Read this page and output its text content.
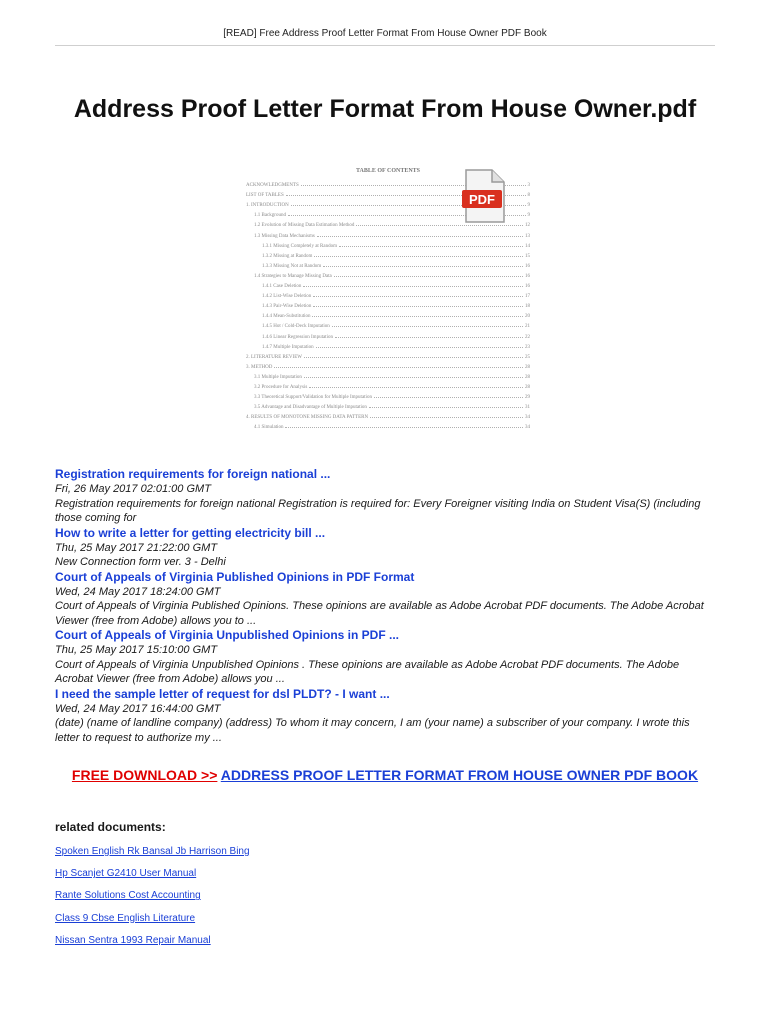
[READ] Free Address Proof Letter Format From House Owner PDF Book
Address Proof Letter Format From House Owner.pdf
TABLE OF CONTENTS
ACKNOWLEDGMENTS	3
LIST OF TABLES	8
1. INTRODUCTION	9
1.1 Background	9
1.2 Evolution of Missing Data Estimation Method	12
1.3 Missing Data Mechanisms	13
1.3.1 Missing Completely at Random	14
1.3.2 Missing at Random	15
1.3.3 Missing Not at Random	16
1.4 Strategies to Manage Missing Data	16
1.4.1 Case Deletion	16
1.4.2 List-Wise Deletion	17
1.4.3 Pair-Wise Deletion	18
1.4.4 Mean-Substitution	20
1.4.5 Hot / Cold-Deck Imputation	21
1.4.6 Linear Regression Imputation	22
1.4.7 Multiple Imputation	23
2. LITERATURE REVIEW	25
3. METHOD	28
3.1 Multiple Imputation	28
3.2 Procedure for Analysis	28
3.3 Theoretical Support/Validation for Multiple Imputation	29
3.5 Advantage and Disadvantage of Multiple Imputation	31
4. RESULTS OF MONOTONE MISSING DATA PATTERN	34
4.1 Simulation	34
PDF
Registration requirements for foreign national ...
Fri, 26 May 2017 02:01:00 GMT
Registration requirements for foreign national Registration is required for: Every Foreigner visiting India on Student Visa(S) (including those coming for
How to write a letter for getting electricity bill ...
Thu, 25 May 2017 21:22:00 GMT
New Connection form ver. 3 - Delhi
Court of Appeals of Virginia Published Opinions in PDF Format
Wed, 24 May 2017 18:24:00 GMT
Court of Appeals of Virginia Published Opinions. These opinions are available as Adobe Acrobat PDF documents. The Adobe Acrobat Viewer (free from Adobe) allows you to ...
Court of Appeals of Virginia Unpublished Opinions in PDF ...
Thu, 25 May 2017 15:10:00 GMT
Court of Appeals of Virginia Unpublished Opinions . These opinions are available as Adobe Acrobat PDF documents. The Adobe Acrobat Viewer (free from Adobe) allows you ...
I need the sample letter of request for dsl PLDT? - I want ...
Wed, 24 May 2017 16:44:00 GMT
(date) (name of landline company) (address) To whom it may concern, I am (your name) a subscriber of your company. I wrote this letter to request to authorize my ...
FREE DOWNLOAD >> ADDRESS PROOF LETTER FORMAT FROM HOUSE OWNER PDF BOOK
related documents:
Spoken English Rk Bansal Jb Harrison Bing
Hp Scanjet G2410 User Manual
Rante Solutions Cost Accounting
Class 9 Cbse English Literature
Nissan Sentra 1993 Repair Manual
